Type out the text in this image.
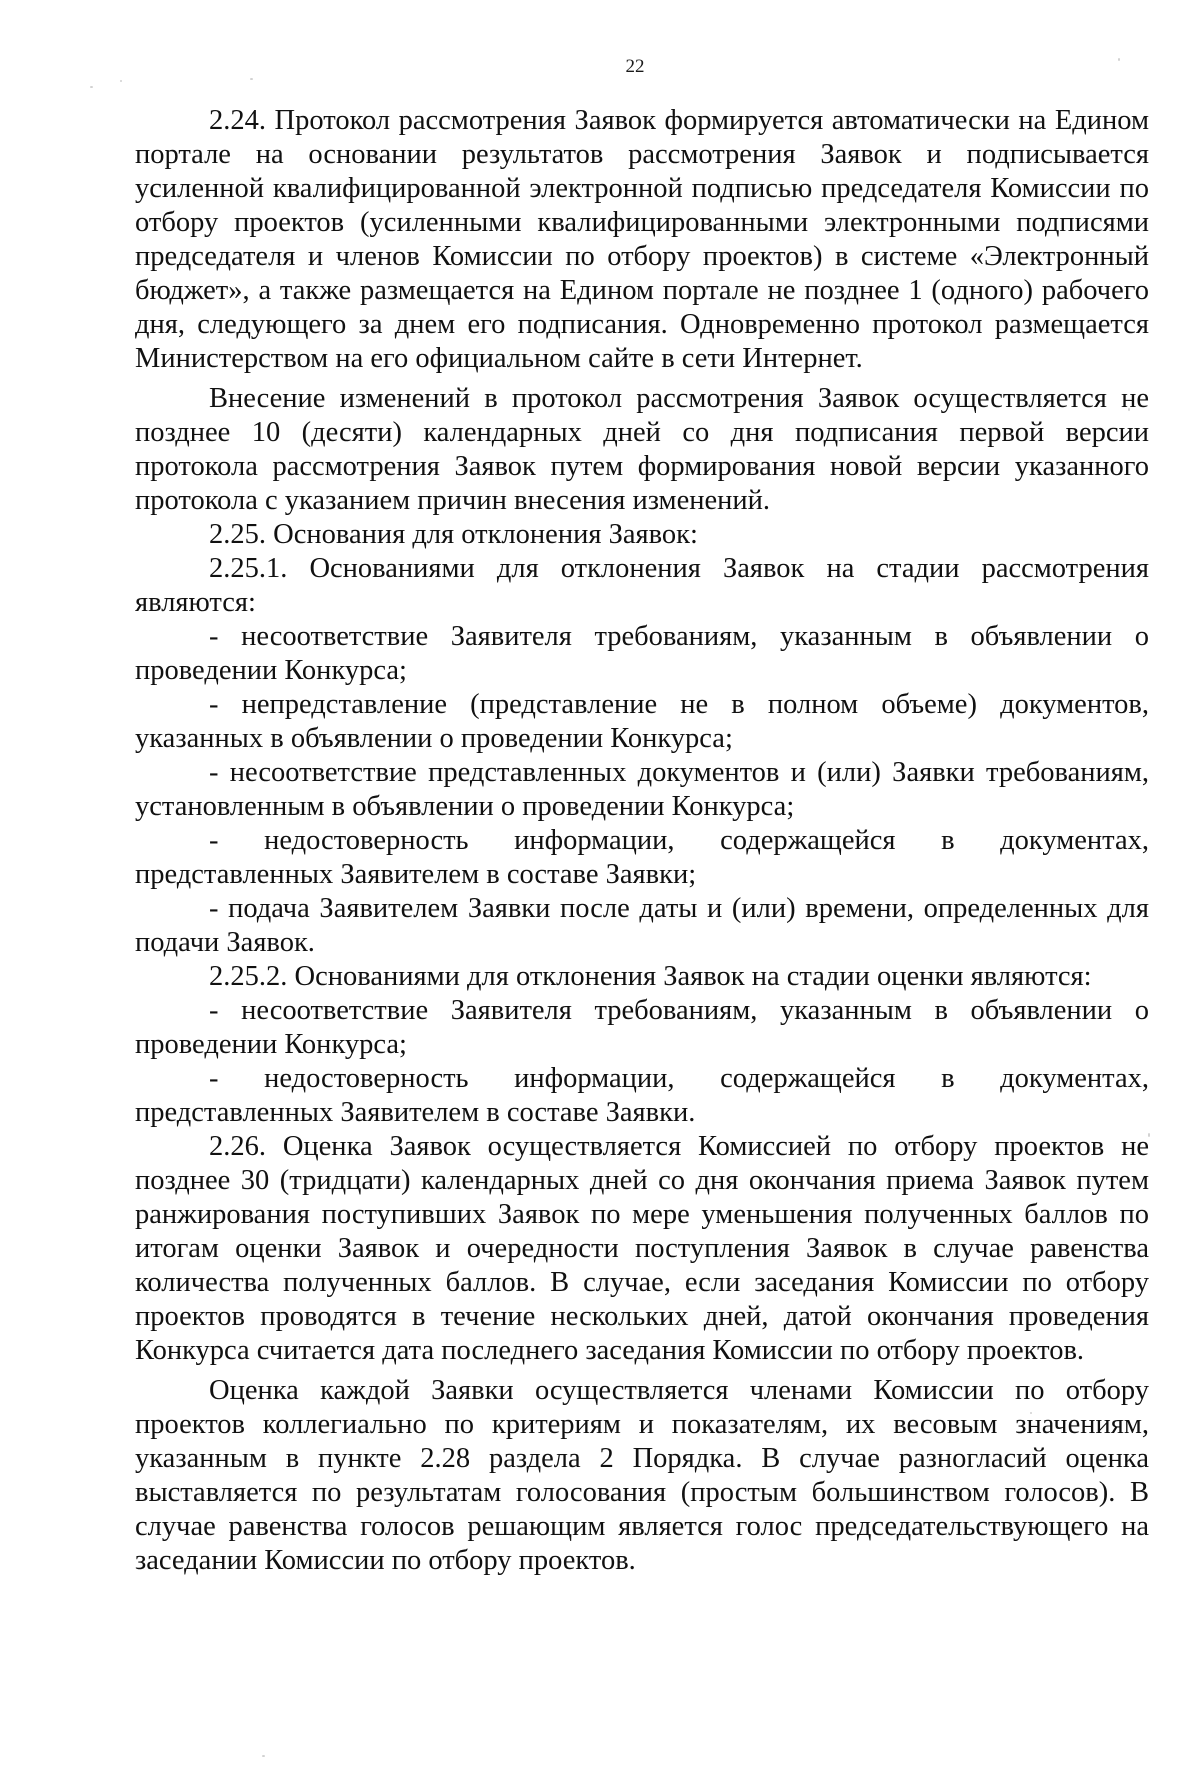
22

2.24. Протокол рассмотрения Заявок формируется автоматически на Едином портале на основании результатов рассмотрения Заявок и подписывается усиленной квалифицированной электронной подписью председателя Комиссии по отбору проектов (усиленными квалифицированными электронными подписями председателя и членов Комиссии по отбору проектов) в системе «Электронный бюджет», а также размещается на Едином портале не позднее 1 (одного) рабочего дня, следующего за днем его подписания. Одновременно протокол размещается Министерством на его официальном сайте в сети Интернет.

Внесение изменений в протокол рассмотрения Заявок осуществляется не позднее 10 (десяти) календарных дней со дня подписания первой версии протокола рассмотрения Заявок путем формирования новой версии указанного протокола с указанием причин внесения изменений.

2.25. Основания для отклонения Заявок:

2.25.1. Основаниями для отклонения Заявок на стадии рассмотрения являются:

- несоответствие Заявителя требованиям, указанным в объявлении о проведении Конкурса;

- непредставление (представление не в полном объеме) документов, указанных в объявлении о проведении Конкурса;

- несоответствие представленных документов и (или) Заявки требованиям, установленным в объявлении о проведении Конкурса;

- недостоверность информации, содержащейся в документах, представленных Заявителем в составе Заявки;

- подача Заявителем Заявки после даты и (или) времени, определенных для подачи Заявок.

2.25.2. Основаниями для отклонения Заявок на стадии оценки являются:

- несоответствие Заявителя требованиям, указанным в объявлении о проведении Конкурса;

- недостоверность информации, содержащейся в документах, представленных Заявителем в составе Заявки.

2.26. Оценка Заявок осуществляется Комиссией по отбору проектов не позднее 30 (тридцати) календарных дней со дня окончания приема Заявок путем ранжирования поступивших Заявок по мере уменьшения полученных баллов по итогам оценки Заявок и очередности поступления Заявок в случае равенства количества полученных баллов. В случае, если заседания Комиссии по отбору проектов проводятся в течение нескольких дней, датой окончания проведения Конкурса считается дата последнего заседания Комиссии по отбору проектов.

Оценка каждой Заявки осуществляется членами Комиссии по отбору проектов коллегиально по критериям и показателям, их весовым значениям, указанным в пункте 2.28 раздела 2 Порядка. В случае разногласий оценка выставляется по результатам голосования (простым большинством голосов). В случае равенства голосов решающим является голос председательствующего на заседании Комиссии по отбору проектов.
